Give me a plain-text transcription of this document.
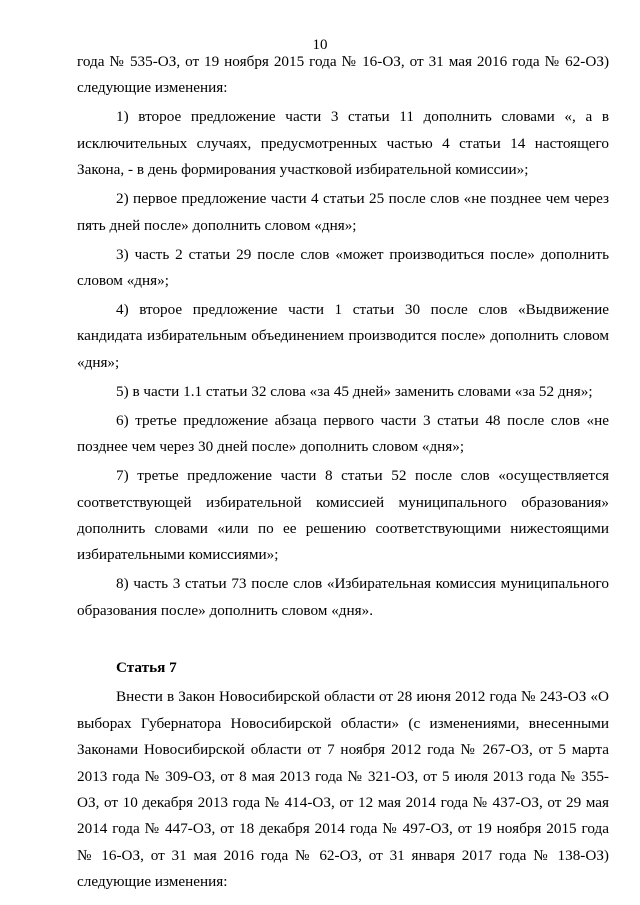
10

года № 535-ОЗ, от 19 ноября 2015 года № 16-ОЗ, от 31 мая 2016 года № 62-ОЗ) следующие изменения:

1) второе предложение части 3 статьи 11 дополнить словами «, а в исключительных случаях, предусмотренных частью 4 статьи 14 настоящего Закона, - в день формирования участковой избирательной комиссии»;

2) первое предложение части 4 статьи 25 после слов «не позднее чем через пять дней после» дополнить словом «дня»;

3) часть 2 статьи 29 после слов «может производиться после» дополнить словом «дня»;

4) второе предложение части 1 статьи 30 после слов «Выдвижение кандидата избирательным объединением производится после» дополнить словом «дня»;

5) в части 1.1 статьи 32 слова «за 45 дней» заменить словами «за 52 дня»;

6) третье предложение абзаца первого части 3 статьи 48 после слов «не позднее чем через 30 дней после» дополнить словом «дня»;

7) третье предложение части 8 статьи 52 после слов «осуществляется соответствующей избирательной комиссией муниципального образования» дополнить словами «или по ее решению соответствующими нижестоящими избирательными комиссиями»;

8) часть 3 статьи 73 после слов «Избирательная комиссия муниципального образования после» дополнить словом «дня».

Статья 7

Внести в Закон Новосибирской области от 28 июня 2012 года № 243-ОЗ «О выборах Губернатора Новосибирской области» (с изменениями, внесенными Законами Новосибирской области от 7 ноября 2012 года № 267-ОЗ, от 5 марта 2013 года № 309-ОЗ, от 8 мая 2013 года № 321-ОЗ, от 5 июля 2013 года № 355-ОЗ, от 10 декабря 2013 года № 414-ОЗ, от 12 мая 2014 года № 437-ОЗ, от 29 мая 2014 года № 447-ОЗ, от 18 декабря 2014 года № 497-ОЗ, от 19 ноября 2015 года № 16-ОЗ, от 31 мая 2016 года № 62-ОЗ, от 31 января 2017 года № 138-ОЗ) следующие изменения:
